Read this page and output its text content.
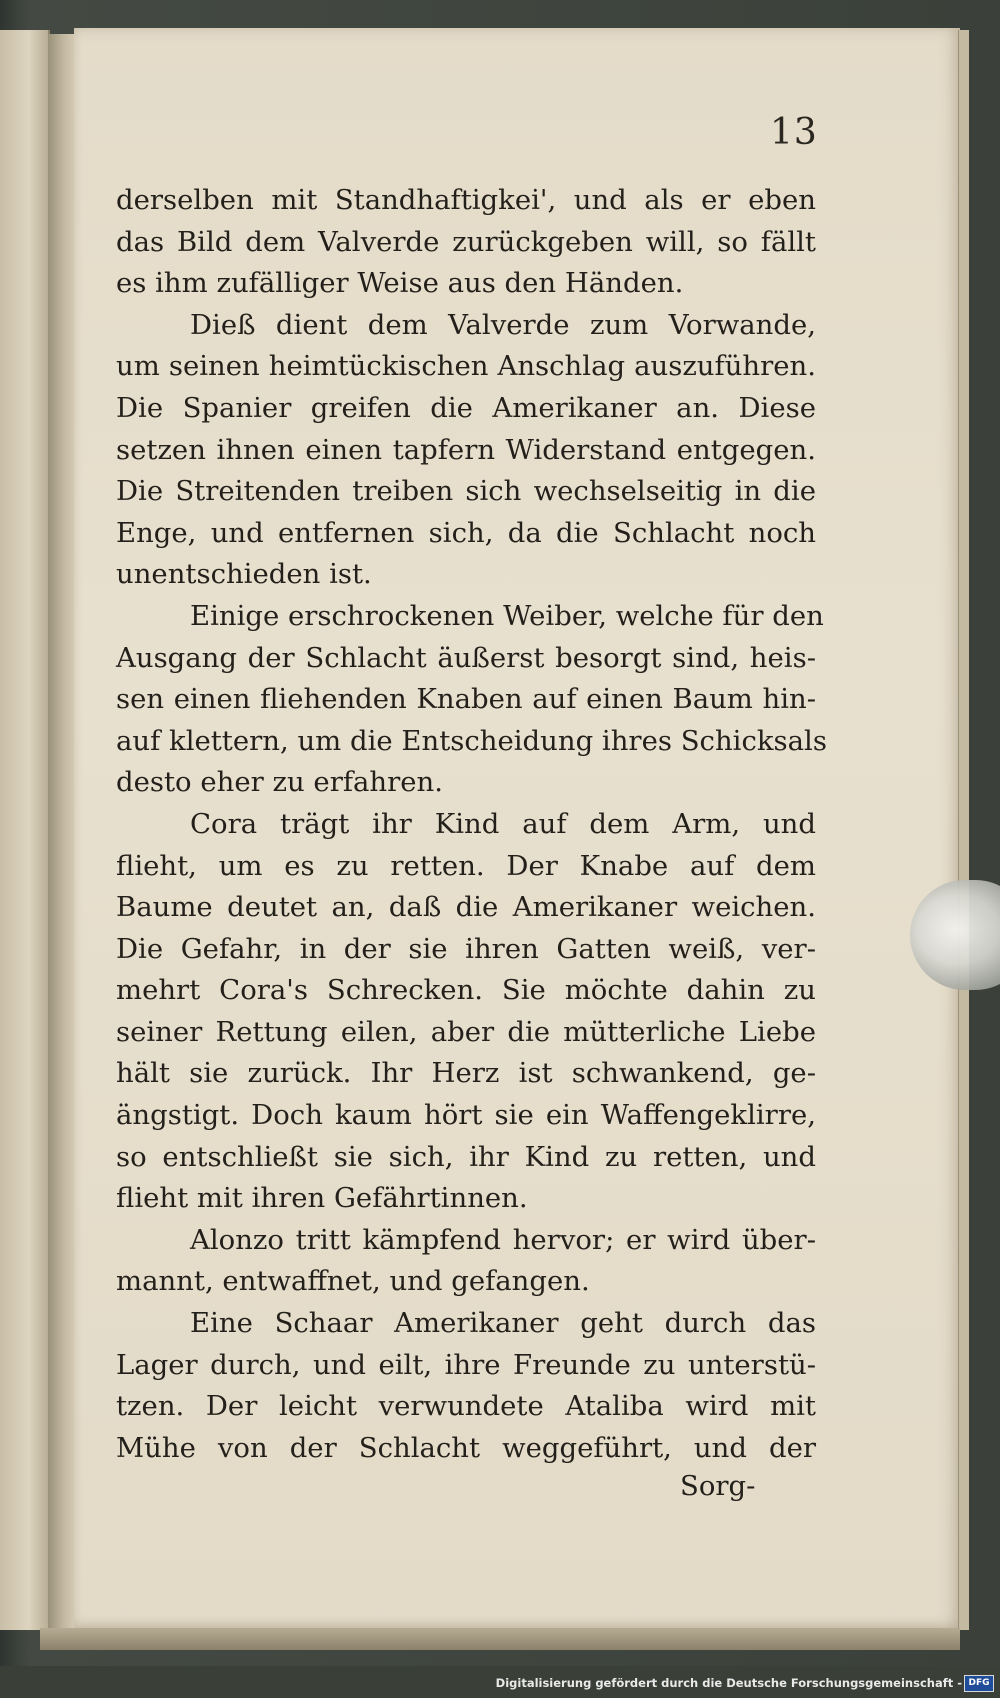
13
derselben mit Standhaftigkei', und als er eben
das Bild dem Valverde zurückgeben will, so fällt
es ihm zufälliger Weise aus den Händen.
Dieß dient dem Valverde zum Vorwande,
um seinen heimtückischen Anschlag auszuführen.
Die Spanier greifen die Amerikaner an. Diese
setzen ihnen einen tapfern Widerstand entgegen.
Die Streitenden treiben sich wechselseitig in die
Enge, und entfernen sich, da die Schlacht noch
unentschieden ist.
Einige erschrockenen Weiber, welche für den
Ausgang der Schlacht äußerst besorgt sind, heis-
sen einen fliehenden Knaben auf einen Baum hin-
auf klettern, um die Entscheidung ihres Schicksals
desto eher zu erfahren.
Cora trägt ihr Kind auf dem Arm, und
flieht, um es zu retten. Der Knabe auf dem
Baume deutet an, daß die Amerikaner weichen.
Die Gefahr, in der sie ihren Gatten weiß, ver-
mehrt Cora's Schrecken. Sie möchte dahin zu
seiner Rettung eilen, aber die mütterliche Liebe
hält sie zurück. Ihr Herz ist schwankend, ge-
ängstigt. Doch kaum hört sie ein Waffengeklirre,
so entschließt sie sich, ihr Kind zu retten, und
flieht mit ihren Gefährtinnen.
Alonzo tritt kämpfend hervor; er wird über-
mannt, entwaffnet, und gefangen.
Eine Schaar Amerikaner geht durch das
Lager durch, und eilt, ihre Freunde zu unterstü-
tzen. Der leicht verwundete Ataliba wird mit
Mühe von der Schlacht weggeführt, und der
Sorg-
Digitalisierung gefördert durch die Deutsche Forschungsgemeinschaft - DFG
